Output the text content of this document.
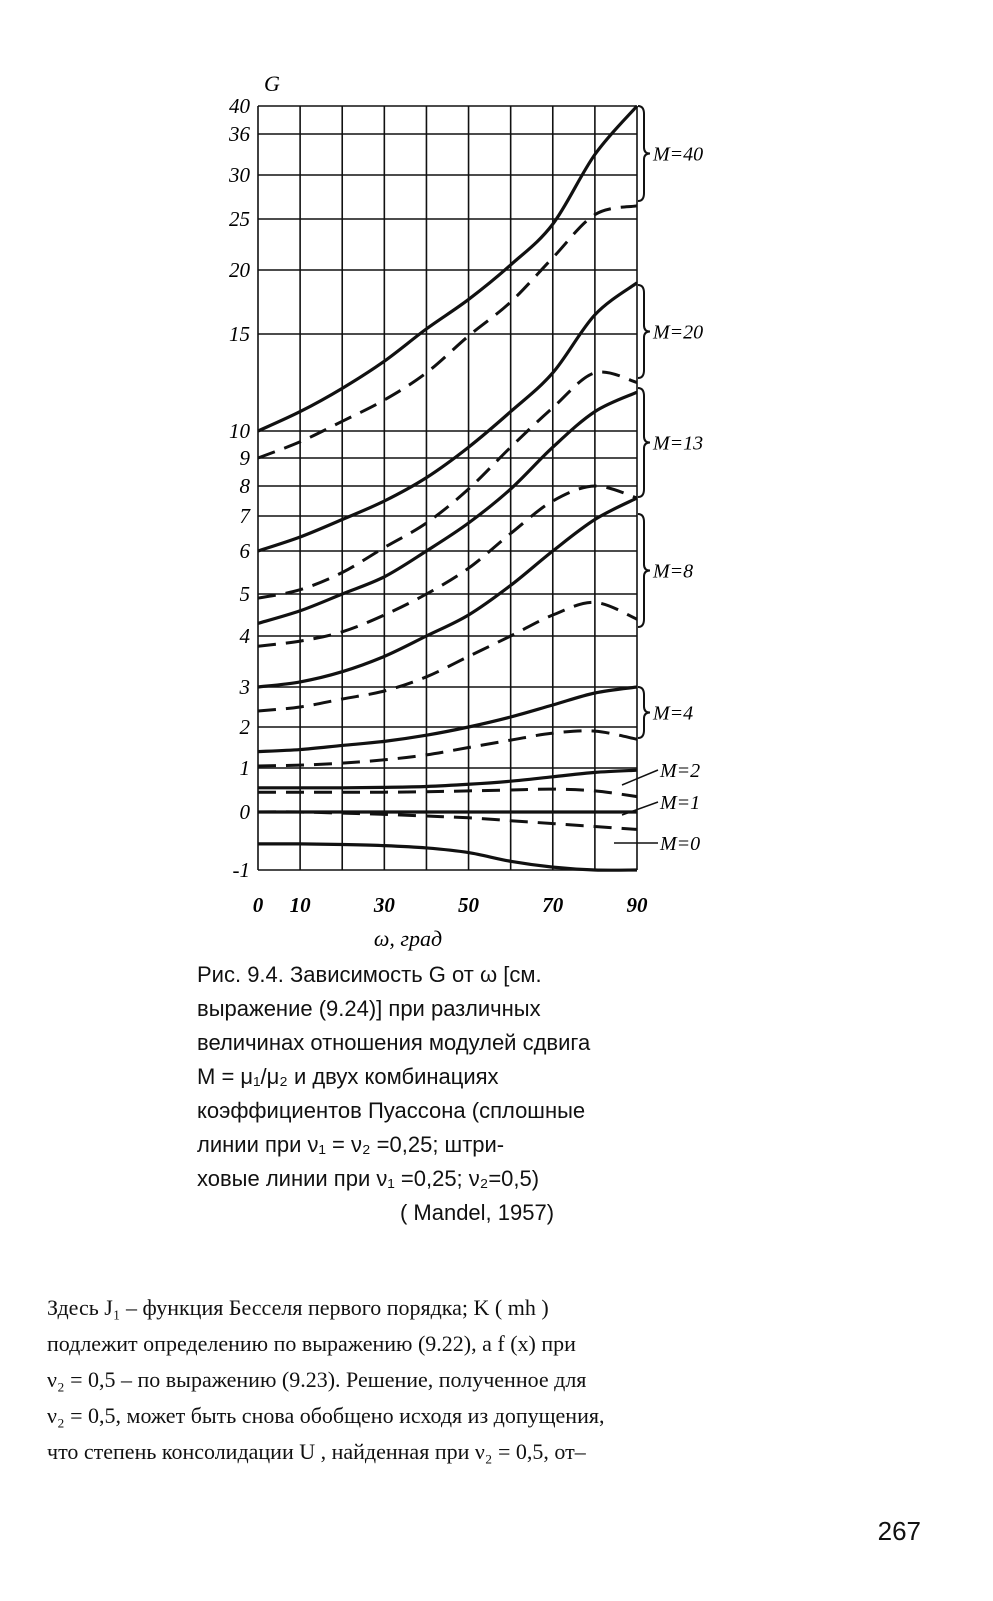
40
36
30
25
20
15
10
9
8
7
6
5
4
3
2
1
0
-1
0 10	30	50	70	90
M=40
M=20
M=13
M=8
M=4
M=2
M=1
M=0
G
ω, град
Рис. 9.4. Зависимость G от ω [см.
выражение (9.24)] при различных
величинах отношения модулей сдвига
M = μ₁/μ₂ и двух комбинациях
коэффициентов Пуассона (сплошные
линии при ν₁ = ν₂ =0,25; штри-
ховые линии при ν₁ =0,25; ν₂=0,5)
( Mandel, 1957)
Здесь J₁ – функция Бесселя первого порядка; K ( mh )
подлежит определению по выражению (9.22), а f (x) при
ν₂ = 0,5 – по выражению (9.23). Решение, полученное для
ν₂ = 0,5, может быть снова обобщено исходя из допущения,
что степень консолидации U , найденная при ν₂ = 0,5, от–
267
